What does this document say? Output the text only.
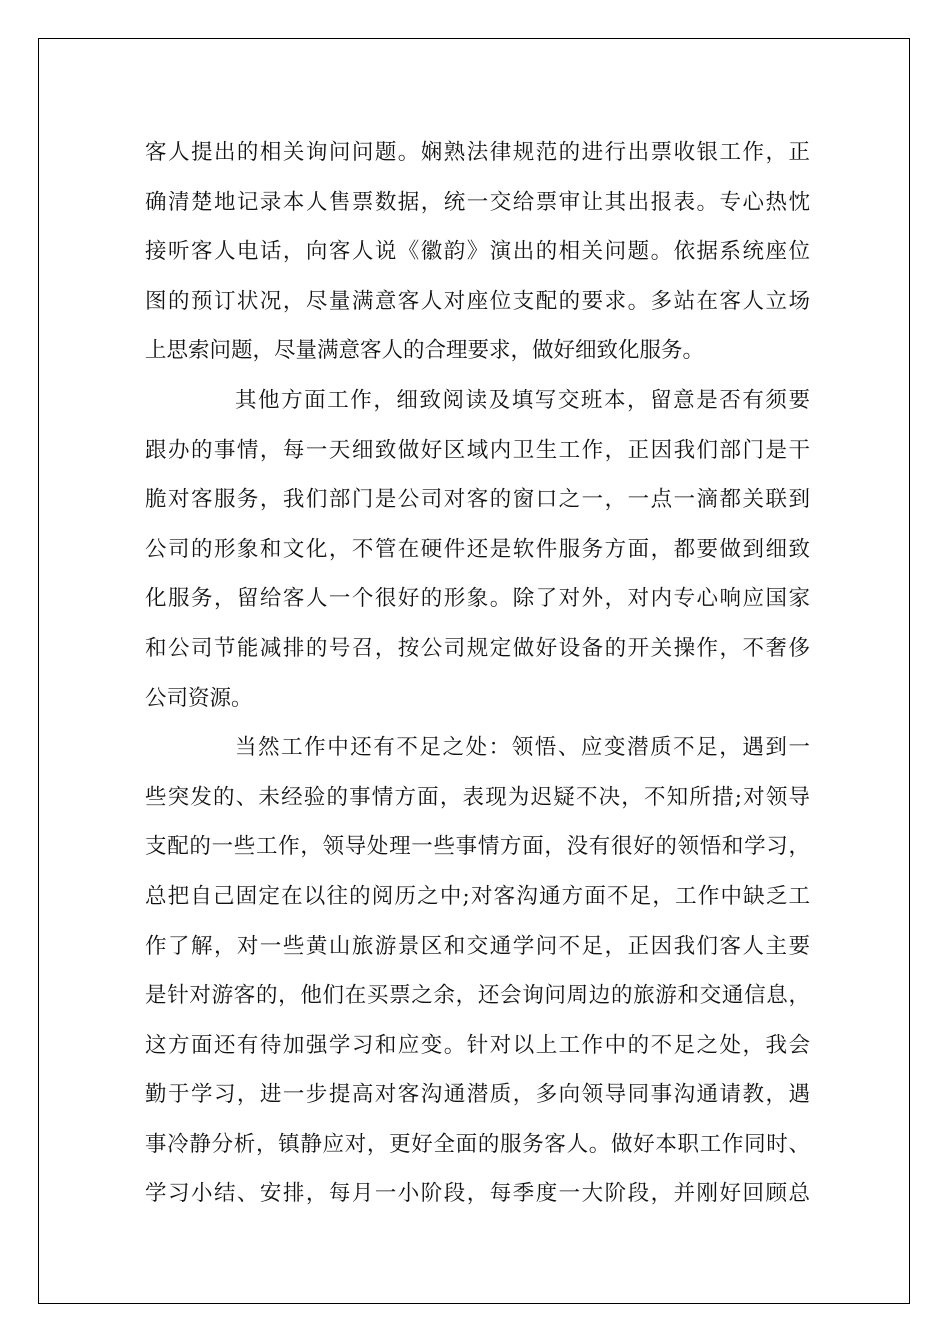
客人提出的相关询问问题。娴熟法律规范的进行出票收银工作，正
确清楚地记录本人售票数据，统一交给票审让其出报表。专心热忱
接听客人电话，向客人说《徽韵》演出的相关问题。依据系统座位
图的预订状况，尽量满意客人对座位支配的要求。多站在客人立场
上思索问题，尽量满意客人的合理要求，做好细致化服务。
其他方面工作，细致阅读及填写交班本，留意是否有须要
跟办的事情，每一天细致做好区域内卫生工作，正因我们部门是干
脆对客服务，我们部门是公司对客的窗口之一，一点一滴都关联到
公司的形象和文化，不管在硬件还是软件服务方面，都要做到细致
化服务，留给客人一个很好的形象。除了对外，对内专心响应国家
和公司节能减排的号召，按公司规定做好设备的开关操作，不奢侈
公司资源。
当然工作中还有不足之处：领悟、应变潜质不足，遇到一
些突发的、未经验的事情方面，表现为迟疑不决，不知所措;对领导
支配的一些工作，领导处理一些事情方面，没有很好的领悟和学习，
总把自己固定在以往的阅历之中;对客沟通方面不足，工作中缺乏工
作了解，对一些黄山旅游景区和交通学问不足，正因我们客人主要
是针对游客的，他们在买票之余，还会询问周边的旅游和交通信息，
这方面还有待加强学习和应变。针对以上工作中的不足之处，我会
勤于学习，进一步提高对客沟通潜质，多向领导同事沟通请教，遇
事冷静分析，镇静应对，更好全面的服务客人。做好本职工作同时、
学习小结、安排，每月一小阶段，每季度一大阶段，并刚好回顾总
